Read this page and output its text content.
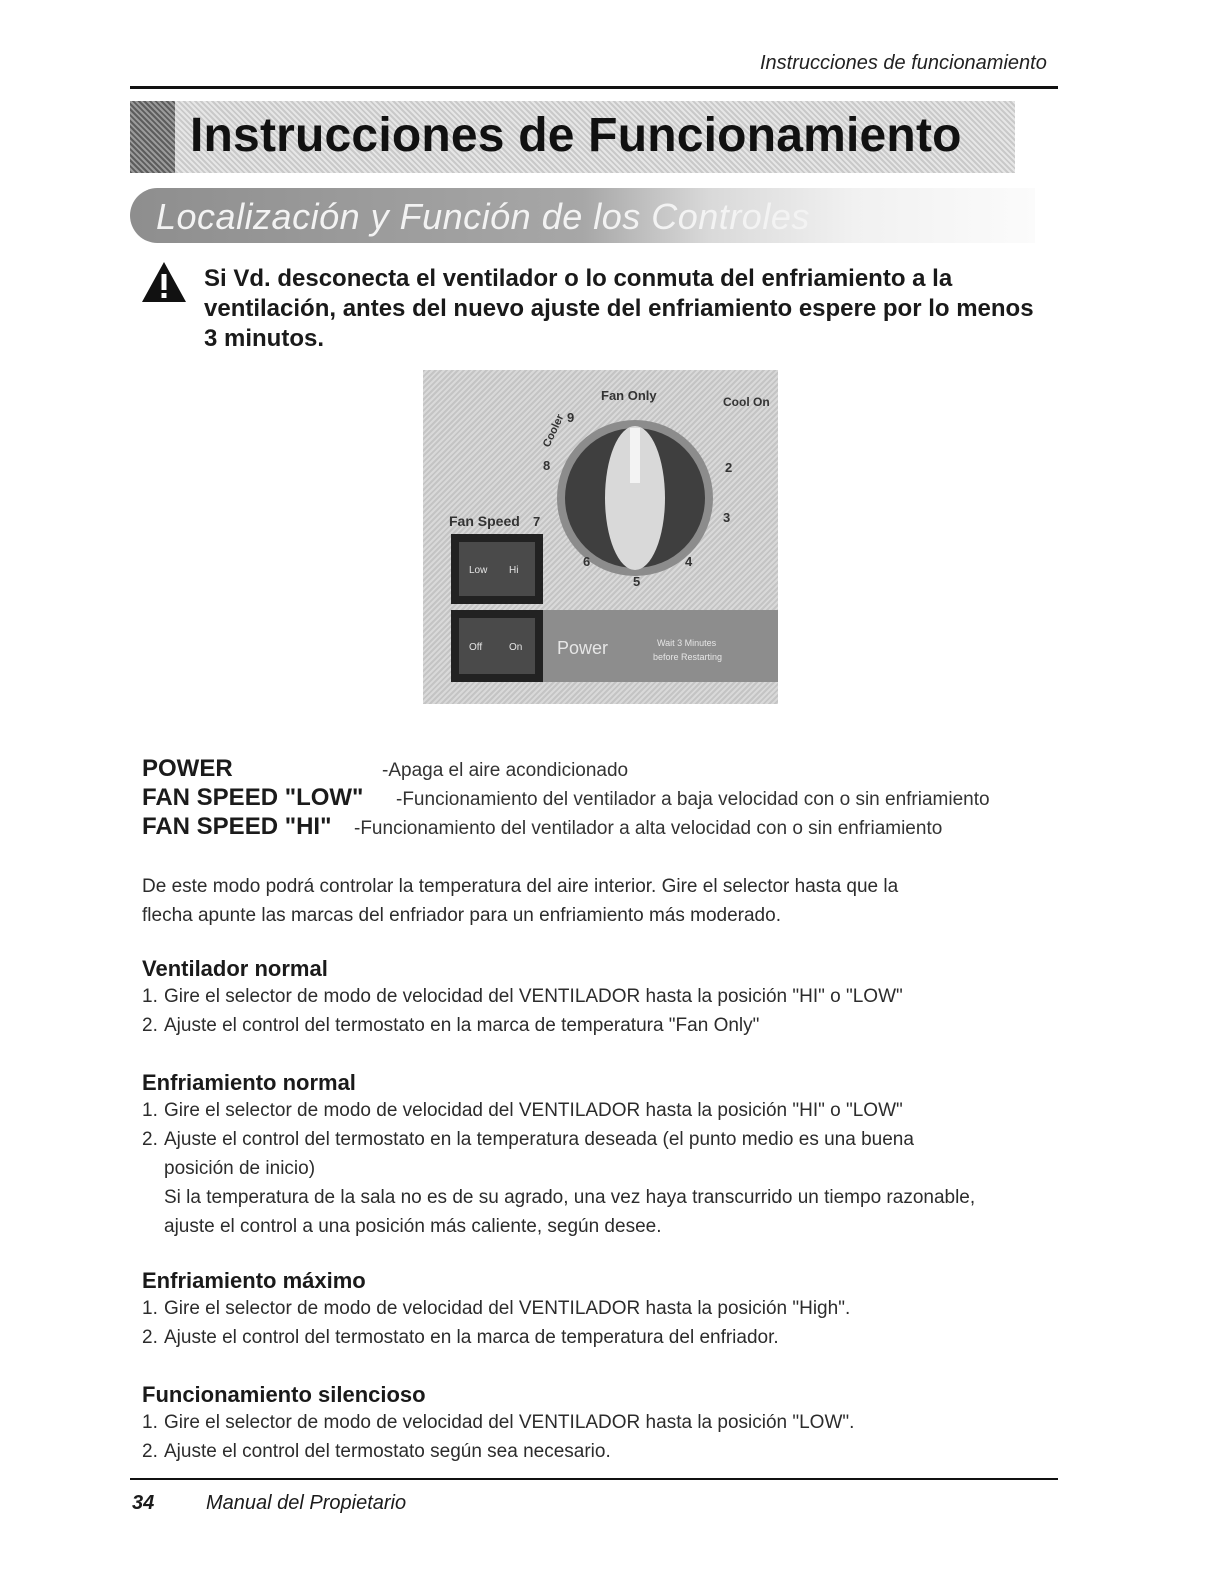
Instrucciones de funcionamiento
Instrucciones de Funcionamiento
Localización y Función de los Controles
Si Vd. desconecta el ventilador o lo conmuta del enfriamiento a la ventilación, antes del nuevo ajuste del enfriamiento espere por lo menos 3 minutos.
Fan Only	Cool On
Cooler
Fan Speed
9
8
7
6
5
4
3
2
Low Hi
Off	On Power	Wait 3 Minutes
before Restarting
POWER	-Apaga el aire acondicionado
FAN SPEED "LOW" -Funcionamiento del ventilador a baja velocidad con o sin enfriamiento
FAN SPEED "HI" -Funcionamiento del ventilador a alta velocidad con o sin enfriamiento
De este modo podrá controlar la temperatura del aire interior. Gire el selector hasta que la
flecha apunte las marcas del enfriador para un enfriamiento más moderado.
Ventilador normal
1. Gire el selector de modo de velocidad del VENTILADOR hasta la posición "HI" o "LOW"
2. Ajuste el control del termostato en la marca de temperatura "Fan Only"
Enfriamiento normal
1. Gire el selector de modo de velocidad del VENTILADOR hasta la posición "HI" o "LOW"
2. Ajuste el control del termostato en la temperatura deseada (el punto medio es una buena
posición de inicio)
Si la temperatura de la sala no es de su agrado, una vez haya transcurrido un tiempo razonable,
ajuste el control a una posición más caliente, según desee.
Enfriamiento máximo
1. Gire el selector de modo de velocidad del VENTILADOR hasta la posición "High".
2. Ajuste el control del termostato en la marca de temperatura del enfriador.
Funcionamiento silencioso
1. Gire el selector de modo de velocidad del VENTILADOR hasta la posición "LOW".
2. Ajuste el control del termostato según sea necesario.
34	Manual del Propietario
